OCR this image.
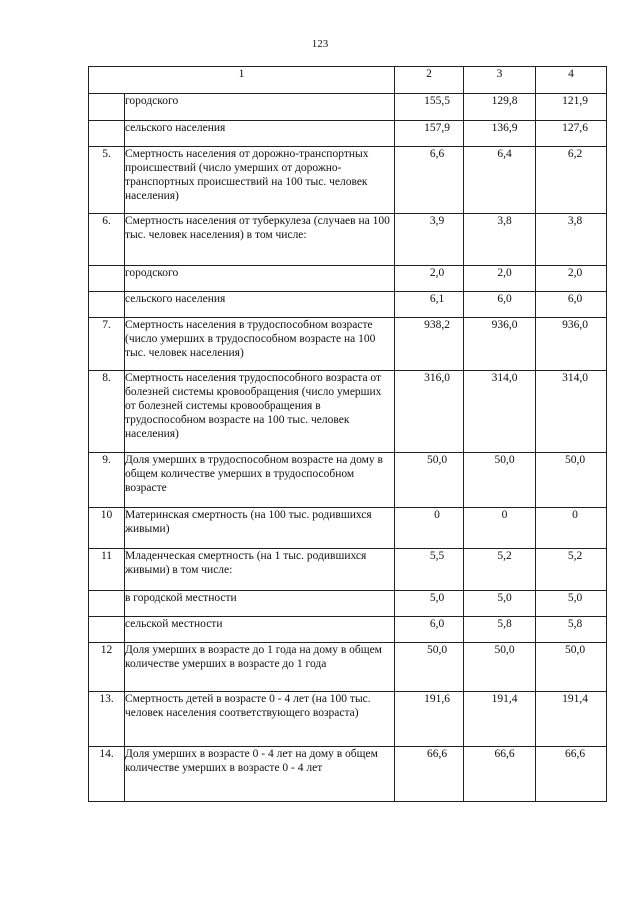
123
1		2	3	4
	городского	155,5	129,8	121,9
	сельского населения	157,9	136,9	127,6
5.	Смертность населения от дорожно-транспортных происшествий (число умерших от дорожно-транспортных происшествий на 100 тыс. человек населения)	6,6	6,4	6,2
6.	Смертность населения от туберкулеза (случаев на 100 тыс. человек населения) в том числе:	3,9	3,8	3,8
	городского	2,0	2,0	2,0
	сельского населения	6,1	6,0	6,0
7.	Смертность населения в трудоспособном возрасте (число умерших в трудоспособном возрасте на 100 тыс. человек населения)	938,2	936,0	936,0
8.	Смертность населения трудоспособного возраста от болезней системы кровообращения (число умерших от болезней системы кровообращения в трудоспособном возрасте на 100 тыс. человек населения)	316,0	314,0	314,0
9.	Доля умерших в трудоспособном возрасте на дому в общем количестве умерших в трудоспособном возрасте	50,0	50,0	50,0
10	Материнская смертность (на 100 тыс. родившихся живыми)	0	0	0
11	Младенческая смертность (на 1 тыс. родившихся живыми) в том числе:	5,5	5,2	5,2
	в городской местности	5,0	5,0	5,0
	сельской местности	6,0	5,8	5,8
12	Доля умерших в возрасте до 1 года на дому в общем количестве умерших в возрасте до 1 года	50,0	50,0	50,0
13.	Смертность детей в возрасте 0 - 4 лет (на 100 тыс. человек населения соответствующего возраста)	191,6	191,4	191,4
14.	Доля умерших в возрасте 0 - 4 лет на дому в общем количестве умерших в возрасте 0 - 4 лет	66,6	66,6	66,6
